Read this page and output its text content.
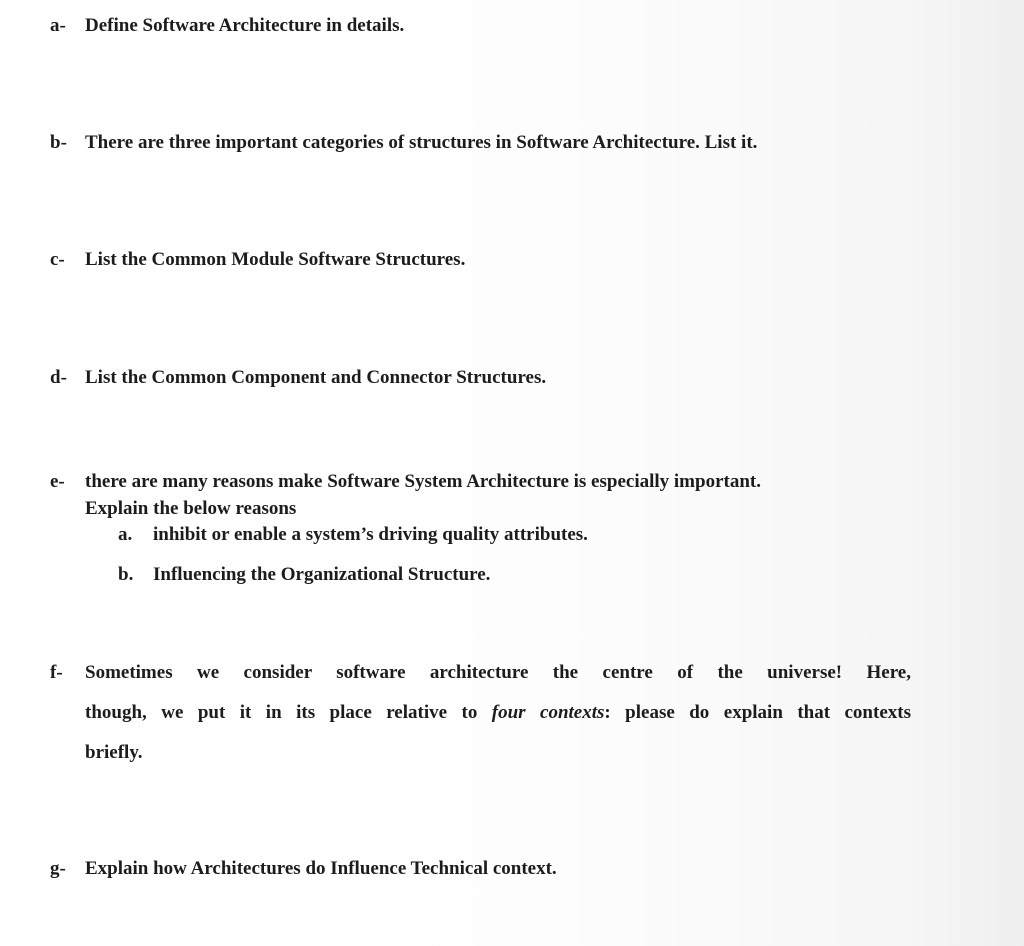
a- Define Software Architecture in details.
b- There are three important categories of structures in Software Architecture. List it.
c- List the Common Module Software Structures.
d- List the Common Component and Connector Structures.
e- there are many reasons make Software System Architecture is especially important.
Explain the below reasons
a. inhibit or enable a system’s driving quality attributes.
b. Influencing the Organizational Structure.
f- Sometimes we consider software architecture the centre of the universe! Here,
though, we put it in its place relative to four contexts: please do explain that contexts
briefly.
g- Explain how Architectures do Influence Technical context.
